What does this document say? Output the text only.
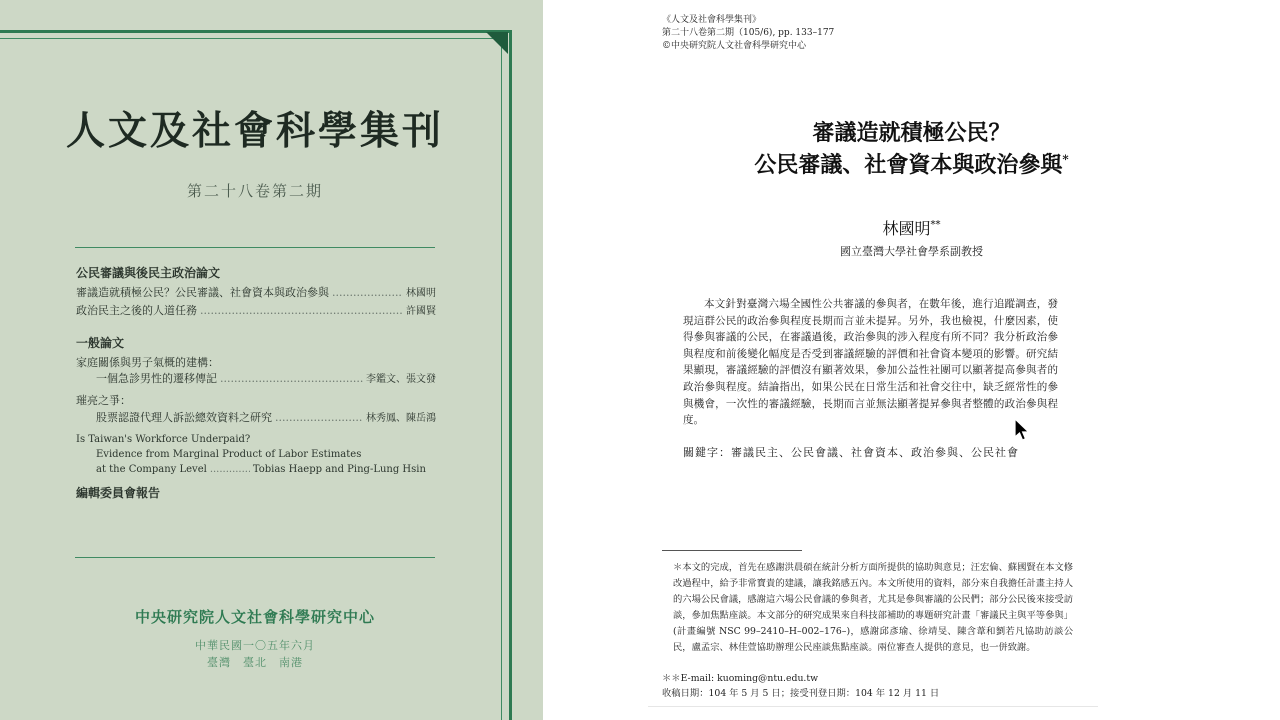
人文及社會科學集刊
第二十八卷第二期
公民審議與後民主政治論文
審議造就積極公民？公民審議、社會資本與政治參與 .....	林國明
政治民主之後的人道任務 .....	許國賢
一般論文
家庭關係與男子氣概的建構：
一個急診男性的遷移傳記 .....	李鑑文、張文發
璀亮之爭：
股票認證代理人訴訟總效資料之研究 .....	林秀鳳、陳岳鴻
Is Taiwan's Workforce Underpaid?
Evidence from Marginal Product of Labor Estimates
at the Company Level .....	Tobias Haepp and Ping-Lung Hsin
編輯委員會報告
中央研究院人文社會科學研究中心
中華民國一〇五年六月
臺灣　臺北　南港
《人文及社會科學集刊》
第二十八卷第二期（105/6), pp. 133–177
©中央研究院人文社會科學研究中心
審議造就積極公民？
公民審議、社會資本與政治參與*
林國明**
國立臺灣大學社會學系副教授
本文針對臺灣六場全國性公共審議的參與者，在數年後，進行追蹤調查，發現這群公民的政治參與程度長期而言並未提昇。另外，我也檢視，什麼因素，使得參與審議的公民，在審議過後，政治參與的涉入程度有所不同？我分析政治參與程度和前後變化幅度是否受到審議經驗的評價和社會資本變項的影響。研究結果顯現，審議經驗的評價沒有顯著效果，參加公益性社團可以顯著提高參與者的政治參與程度。結論指出，如果公民在日常生活和社會交往中，缺乏經常性的參與機會，一次性的審議經驗，長期而言並無法顯著提昇參與者整體的政治參與程度。
關鍵字：審議民主、公民會議、社會資本、政治參與、公民社會
＊本文的完成，首先在感謝洪晨碩在統計分析方面所提供的協助與意見；汪宏倫、蘇國賢在本文修改過程中，給予非常寶貴的建議，讓我銘感五內。本文所使用的資料，部分來自我擔任計畫主持人的六場公民會議，感謝這六場公民會議的參與者，尤其是參與審議的公民們；部分公民後來接受訪談，參加焦點座談。本文部分的研究成果來自科技部補助的專題研究計畫「審議民主與平等參與」(計畫編號 NSC 99–2410–H–002–176–)，感謝邱彥瑜、徐靖旻、陳含葦和劉若凡協助訪談公民，盧孟宗、林佳萱協助辦理公民座談焦點座談。兩位審查人提供的意見，也一併致謝。
＊＊E-mail: kuoming@ntu.edu.tw
收稿日期：104 年 5 月 5 日；接受刊登日期：104 年 12 月 11 日
